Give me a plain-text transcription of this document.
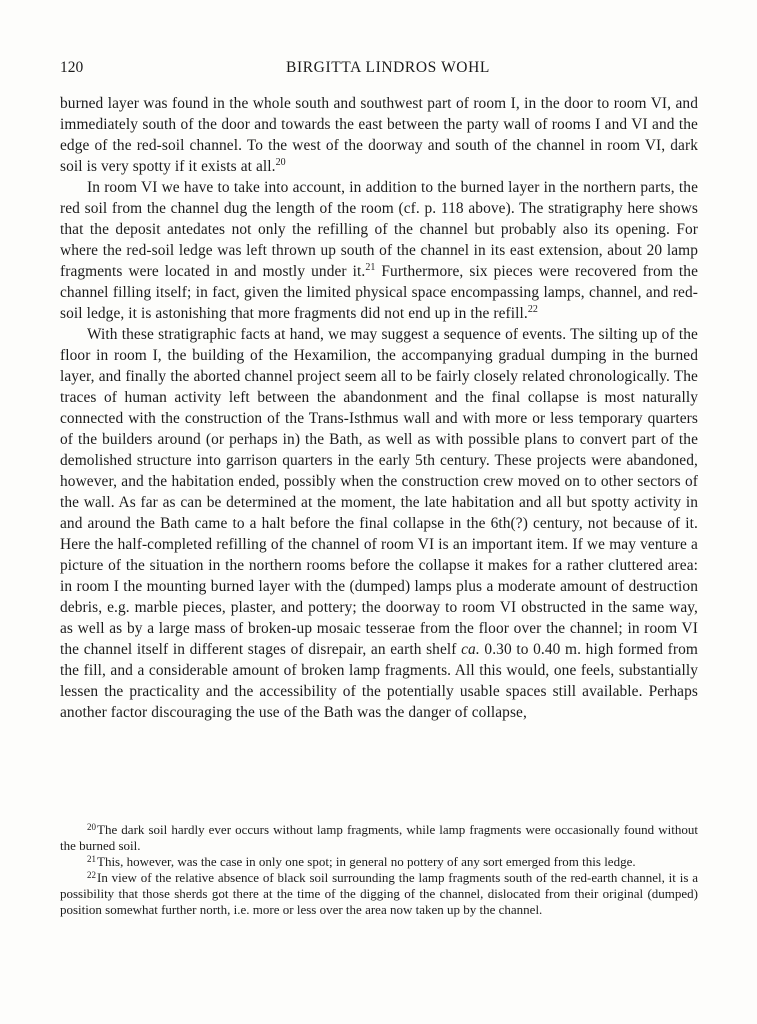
120	BIRGITTA LINDROS WOHL

burned layer was found in the whole south and southwest part of room I, in the door to room VI, and immediately south of the door and towards the east between the party wall of rooms I and VI and the edge of the red-soil channel. To the west of the doorway and south of the channel in room VI, dark soil is very spotty if it exists at all.$^{20}$

In room VI we have to take into account, in addition to the burned layer in the northern parts, the red soil from the channel dug the length of the room (cf. p. 118 above). The stratigraphy here shows that the deposit antedates not only the refilling of the channel but probably also its opening. For where the red-soil ledge was left thrown up south of the channel in its east extension, about 20 lamp fragments were located in and mostly under it.$^{21}$ Furthermore, six pieces were recovered from the channel filling itself; in fact, given the limited physical space encompassing lamps, channel, and red-soil ledge, it is astonishing that more fragments did not end up in the refill.$^{22}$

With these stratigraphic facts at hand, we may suggest a sequence of events. The silting up of the floor in room I, the building of the Hexamilion, the accompanying gradual dumping in the burned layer, and finally the aborted channel project seem all to be fairly closely related chronologically. The traces of human activity left between the abandonment and the final collapse is most naturally connected with the construction of the Trans-Isthmus wall and with more or less temporary quarters of the builders around (or perhaps in) the Bath, as well as with possible plans to convert part of the demolished structure into garrison quarters in the early 5th century. These projects were abandoned, however, and the habitation ended, possibly when the construction crew moved on to other sectors of the wall. As far as can be determined at the moment, the late habitation and all but spotty activity in and around the Bath came to a halt before the final collapse in the 6th(?) century, not because of it. Here the half-completed refilling of the channel of room VI is an important item. If we may venture a picture of the situation in the northern rooms before the collapse it makes for a rather cluttered area: in room I the mounting burned layer with the (dumped) lamps plus a moderate amount of destruction debris, e.g. marble pieces, plaster, and pottery; the doorway to room VI obstructed in the same way, as well as by a large mass of broken-up mosaic tesserae from the floor over the channel; in room VI the channel itself in different stages of disrepair, an earth shelf ca. 0.30 to 0.40 m. high formed from the fill, and a considerable amount of broken lamp fragments. All this would, one feels, substantially lessen the practicality and the accessibility of the potentially usable spaces still available. Perhaps another factor discouraging the use of the Bath was the danger of collapse,

$^{20}$The dark soil hardly ever occurs without lamp fragments, while lamp fragments were occasionally found without the burned soil.

$^{21}$This, however, was the case in only one spot; in general no pottery of any sort emerged from this ledge.

$^{22}$In view of the relative absence of black soil surrounding the lamp fragments south of the red-earth channel, it is a possibility that those sherds got there at the time of the digging of the channel, dislocated from their original (dumped) position somewhat further north, i.e. more or less over the area now taken up by the channel.
